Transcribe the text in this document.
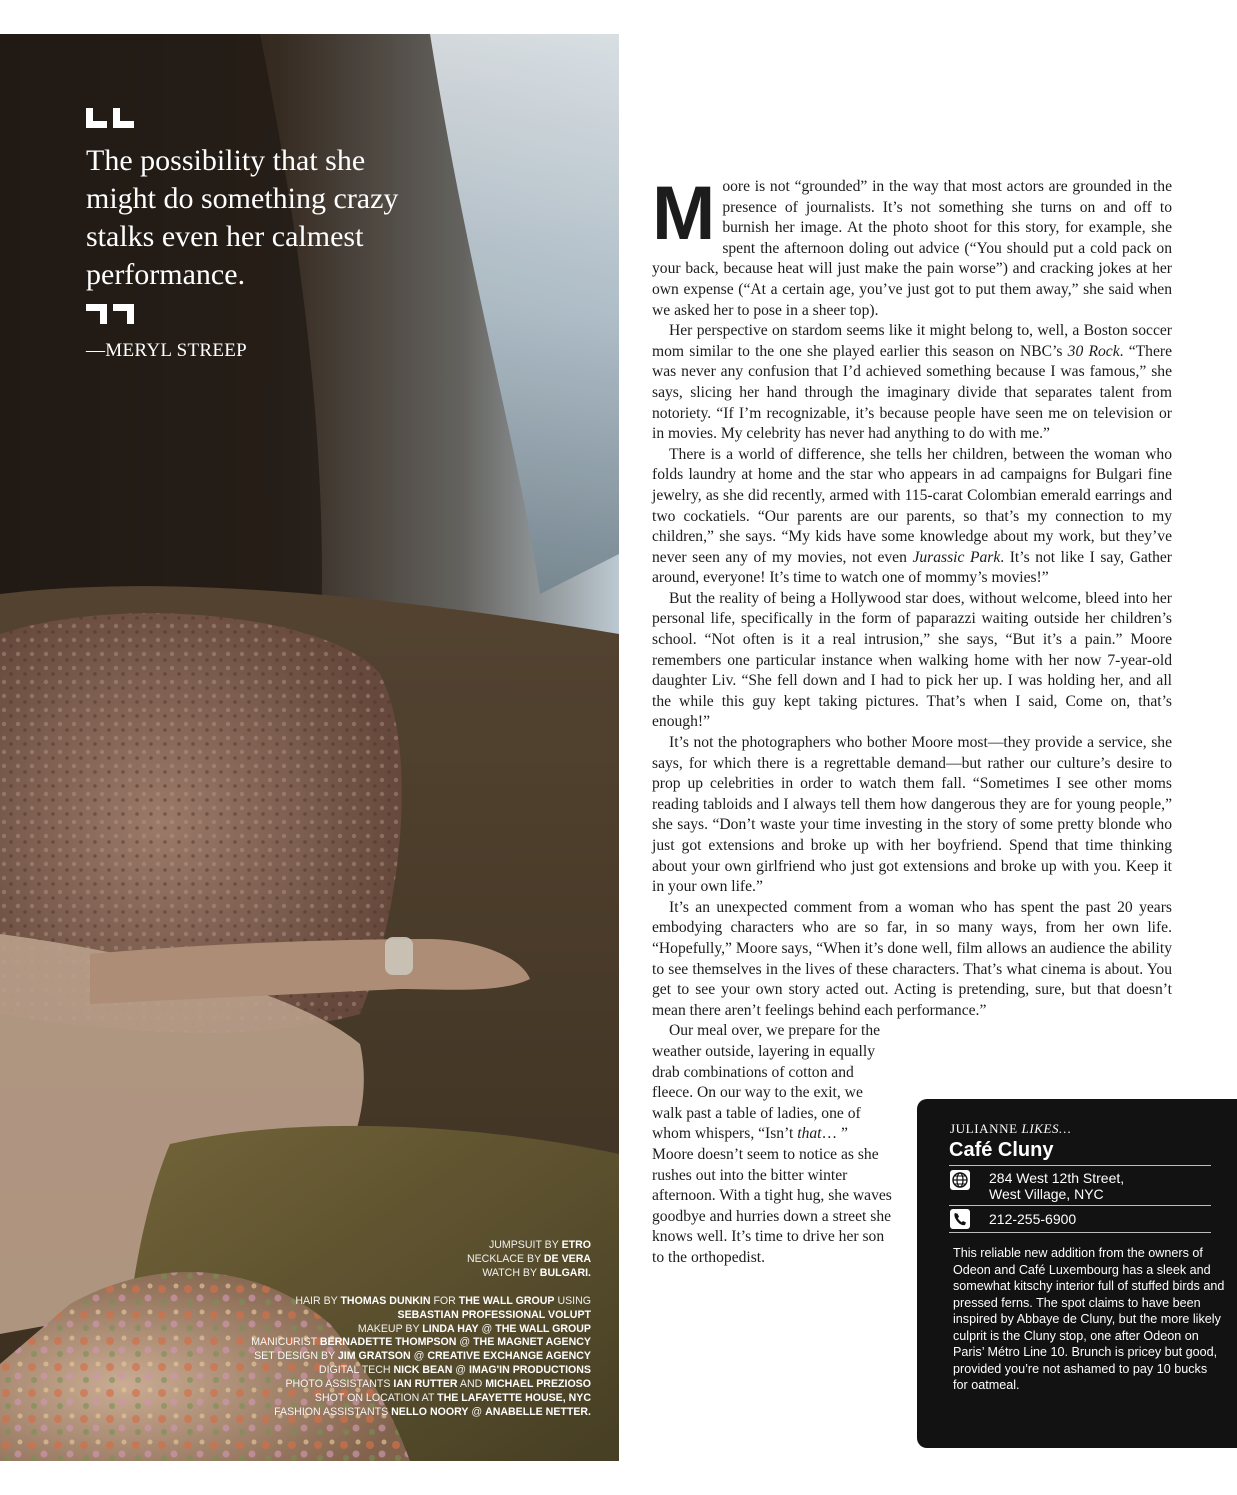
The possibility that she might do something crazy stalks even her calmest performance.
—MERYL STREEP
JUMPSUIT BY ETRO
NECKLACE BY DE VERA
WATCH BY BULGARI.
HAIR BY THOMAS DUNKIN FOR THE WALL GROUP USING
SEBASTIAN PROFESSIONAL VOLUPT
MAKEUP BY LINDA HAY @ THE WALL GROUP
MANICURIST BERNADETTE THOMPSON @ THE MAGNET AGENCY
SET DESIGN BY JIM GRATSON @ CREATIVE EXCHANGE AGENCY
DIGITAL TECH NICK BEAN @ IMAG'IN PRODUCTIONS
PHOTO ASSISTANTS IAN RUTTER AND MICHAEL PREZIOSO
SHOT ON LOCATION AT THE LAFAYETTE HOUSE, NYC
FASHION ASSISTANTS NELLO NOORY @ ANABELLE NETTER.

Moore is not “grounded” in the way that most actors are grounded in the presence of journalists. It’s not something she turns on and off to burnish her image. At the photo shoot for this story, for example, she spent the afternoon doling out advice (“You should put a cold pack on your back, because heat will just make the pain worse”) and cracking jokes at her own expense (“At a certain age, you’ve just got to put them away,” she said when we asked her to pose in a sheer top).

Her perspective on stardom seems like it might belong to, well, a Boston soccer mom similar to the one she played earlier this season on NBC’s 30 Rock. “There was never any confusion that I’d achieved something because I was famous,” she says, slicing her hand through the imaginary divide that separates talent from notoriety. “If I’m recognizable, it’s because people have seen me on television or in movies. My celebrity has never had anything to do with me.”

There is a world of difference, she tells her children, between the woman who folds laundry at home and the star who appears in ad campaigns for Bulgari fine jewelry, as she did recently, armed with 115-carat Colombian emerald earrings and two cockatiels. “Our parents are our parents, so that’s my connection to my children,” she says. “My kids have some knowledge about my work, but they’ve never seen any of my movies, not even Jurassic Park. It’s not like I say, Gather around, everyone! It’s time to watch one of mommy’s movies!”

But the reality of being a Hollywood star does, without welcome, bleed into her personal life, specifically in the form of paparazzi waiting outside her children’s school. “Not often is it a real intrusion,” she says, “But it’s a pain.” Moore remembers one particular instance when walking home with her now 7-year-old daughter Liv. “She fell down and I had to pick her up. I was holding her, and all the while this guy kept taking pictures. That’s when I said, Come on, that’s enough!”

It’s not the photographers who bother Moore most—they provide a service, she says, for which there is a regrettable demand—but rather our culture’s desire to prop up celebrities in order to watch them fall. “Sometimes I see other moms reading tabloids and I always tell them how dangerous they are for young people,” she says. “Don’t waste your time investing in the story of some pretty blonde who just got extensions and broke up with her boyfriend. Spend that time thinking about your own girlfriend who just got extensions and broke up with you. Keep it in your own life.”

It’s an unexpected comment from a woman who has spent the past 20 years embodying characters who are so far, in so many ways, from her own life. “Hopefully,” Moore says, “When it’s done well, film allows an audience the ability to see themselves in the lives of these characters. That’s what cinema is about. You get to see your own story acted out. Acting is pretending, sure, but that doesn’t mean there aren’t feelings behind each performance.”

Our meal over, we prepare for the weather outside, layering in equally drab combinations of cotton and fleece. On our way to the exit, we walk past a table of ladies, one of whom whispers, “Isn’t that… ” Moore doesn’t seem to notice as she rushes out into the bitter winter afternoon. With a tight hug, she waves goodbye and hurries down a street she knows well. It’s time to drive her son to the orthopedist.

JULIANNE LIKES…
Café Cluny
284 West 12th Street,
West Village, NYC
212-255-6900
This reliable new addition from the owners of Odeon and Café Luxembourg has a sleek and somewhat kitschy interior full of stuffed birds and pressed ferns. The spot claims to have been inspired by Abbaye de Cluny, but the more likely culprit is the Cluny stop, one after Odeon on Paris’ Métro Line 10. Brunch is pricey but good, provided you’re not ashamed to pay 10 bucks for oatmeal.
